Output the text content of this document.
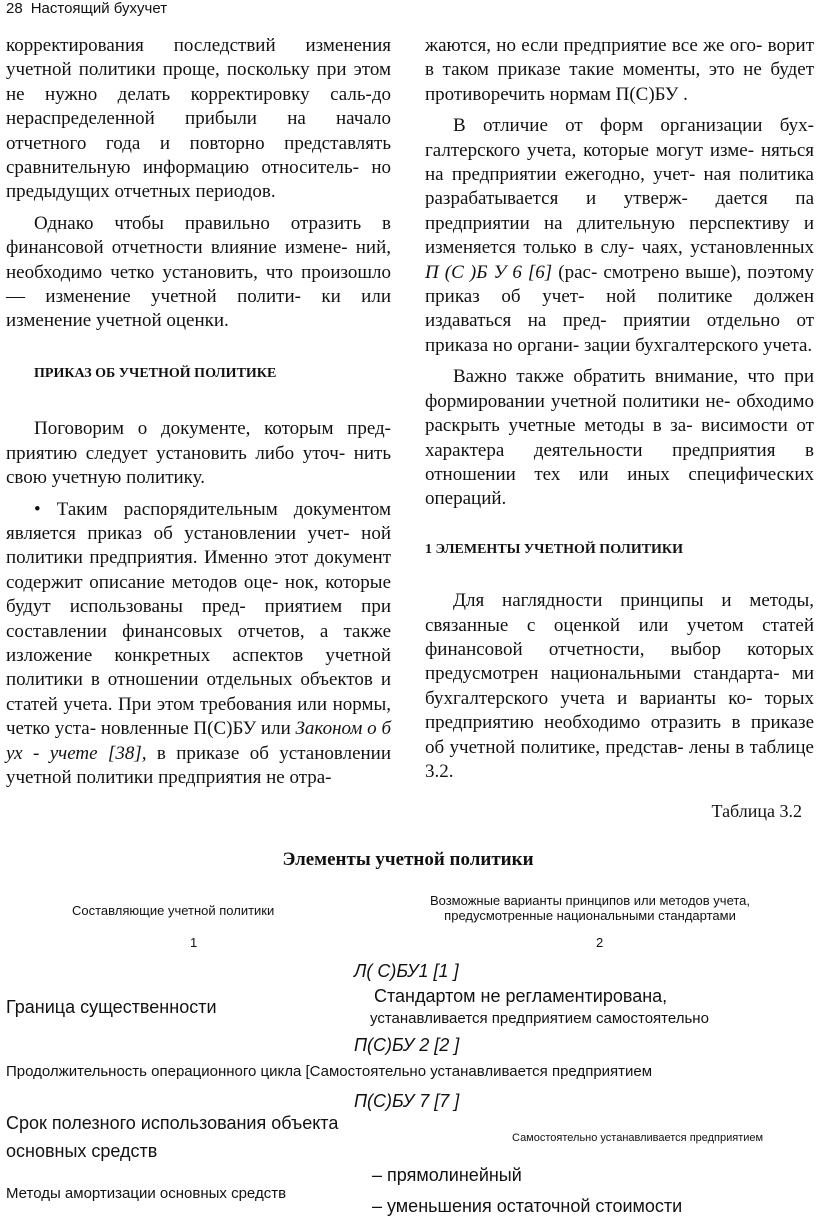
28 Настоящий бухучет

корректирования последствий изменения учетной политики проще, поскольку при этом не нужно делать корректировку саль-до нераспределенной прибыли на начало отчетного года и повторно представлять сравнительную информацию относитель- но предыдущих отчетных периодов.

Однако чтобы правильно отразить в финансовой отчетности влияние измене- ний, необходимо четко установить, что произошло — изменение учетной полити- ки или изменение учетной оценки.

ПРИКАЗ ОБ УЧЕТНОЙ ПОЛИТИКЕ

Поговорим о документе, которым пред- приятию следует установить либо уточ- нить свою учетную политику.

• Таким распорядительным документом является приказ об установлении учет- ной политики предприятия. Именно этот документ содержит описание методов оце- нок, которые будут использованы пред- приятием при составлении финансовых отчетов, а также изложение конкретных аспектов учетной политики в отношении отдельных объектов и статей учета. При этом требования или нормы, четко уста- новленные П(С)БУ или Законом о б ух - учете [38], в приказе об установлении учетной политики предприятия не отра-

жаются, но если предприятие все же ого- ворит в таком приказе такие моменты, это не будет противоречить нормам П(С)БУ .

В отличие от форм организации бух- галтерского учета, которые могут изме- няться на предприятии ежегодно, учет- ная политика разрабатывается и утверж- дается па предприятии на длительную перспективу и изменяется только в слу- чаях, установленных П (С )Б У 6 [6] (рас- смотрено выше), поэтому приказ об учет- ной политике должен издаваться на пред- приятии отдельно от приказа но органи- зации бухгалтерского учета.

Важно также обратить внимание, что при формировании учетной политики не- обходимо раскрыть учетные методы в за- висимости от характера деятельности предприятия в отношении тех или иных специфических операций.

1 ЭЛЕМЕНТЫ УЧЕТНОЙ ПОЛИТИКИ

Для наглядности принципы и методы, связанные с оценкой или учетом статей финансовой отчетности, выбор которых предусмотрен национальными стандарта- ми бухгалтерского учета и варианты ко- торых предприятию необходимо отразить в приказе об учетной политике, представ- лены в таблице 3.2.

Таблица 3.2
Элементы учетной политики
Составляющие учетной политики
Возможные варианты принципов или методов учета,
предусмотренные национальными стандартами
1	2
Л( С)БУ1 [1 ]
Граница существенности
Стандартом не регламентирована,
устанавливается предприятием самостоятельно
П(С)БУ 2 [2 ]
Продолжительность операционного цикла [Самостоятельно устанавливается предприятием
П(С)БУ 7 [7 ]
Срок полезного использования объекта
основных средств
Самостоятельно устанавливается предприятием
Методы амортизации основных средств
– прямолинейный
– уменьшения остаточной стоимости
